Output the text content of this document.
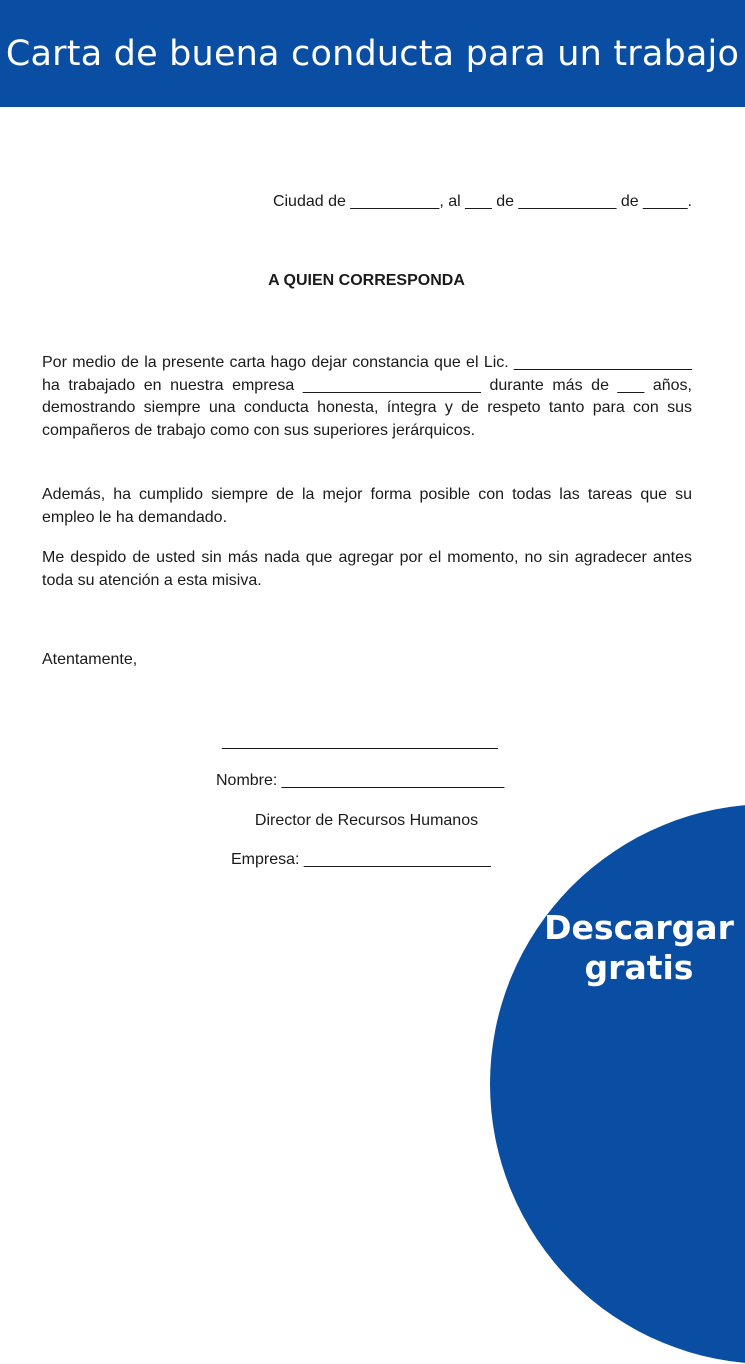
Carta de buena conducta para un trabajo
Ciudad de __________, al ___ de ___________ de _____.
A QUIEN CORRESPONDA

Por medio de la presente carta hago dejar constancia que el Lic. ____________________ ha trabajado en nuestra empresa ____________________ durante más de ___ años, demostrando siempre una conducta honesta, íntegra y de respeto tanto para con sus compañeros de trabajo como con sus superiores jerárquicos.

Además, ha cumplido siempre de la mejor forma posible con todas las tareas que su empleo le ha demandado.

Me despido de usted sin más nada que agregar por el momento, no sin agradecer antes toda su atención a esta misiva.

Atentamente,
_______________________________
Nombre: _________________________
Director de Recursos Humanos
Empresa: _____________________
Descargar
gratis
